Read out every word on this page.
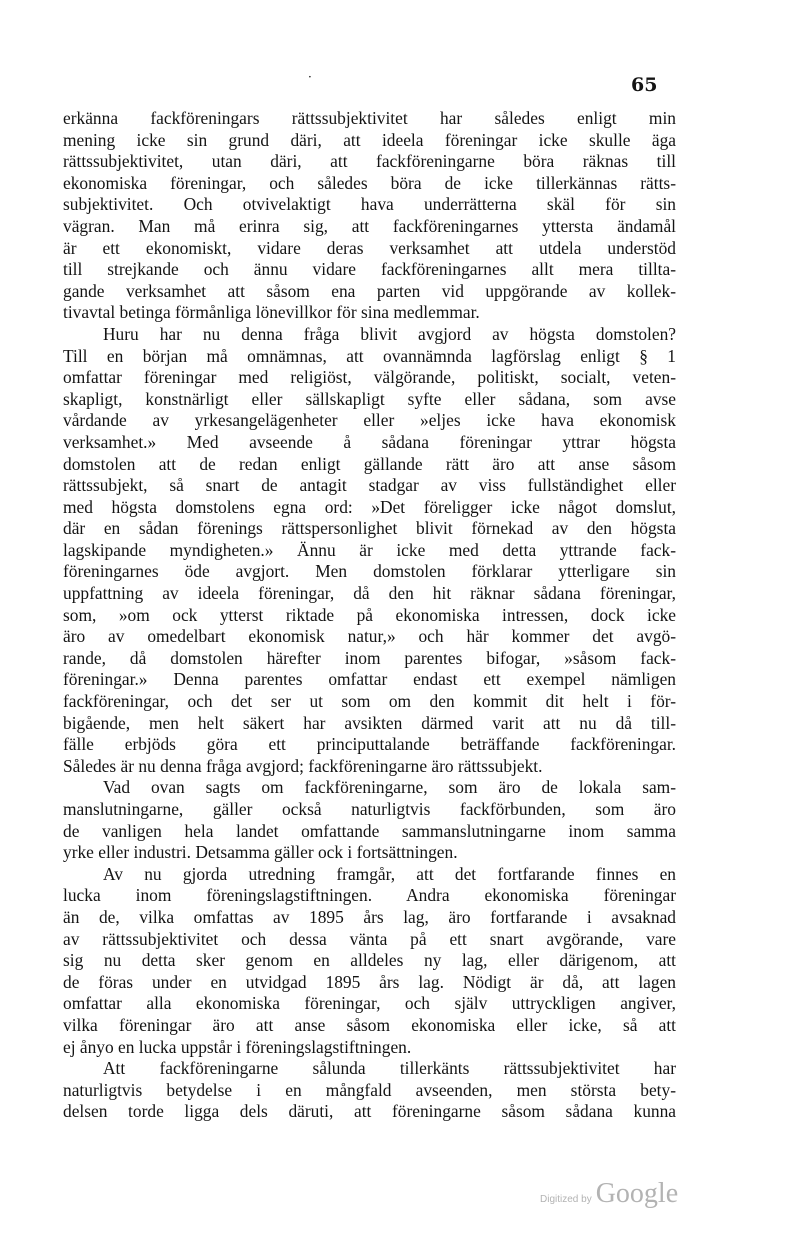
·	65
erkänna fackföreningars rättssubjektivitet har således enligt min
mening icke sin grund däri, att ideela föreningar icke skulle äga
rättssubjektivitet, utan däri, att fackföreningarne böra räknas till
ekonomiska föreningar, och således böra de icke tillerkännas rätts-
subjektivitet. Och otvivelaktigt hava underrätterna skäl för sin
vägran. Man må erinra sig, att fackföreningarnes yttersta ändamål
är ett ekonomiskt, vidare deras verksamhet att utdela understöd
till strejkande och ännu vidare fackföreningarnes allt mera tillta-
gande verksamhet att såsom ena parten vid uppgörande av kollek-
tivavtal betinga förmånliga lönevillkor för sina medlemmar.
Huru har nu denna fråga blivit avgjord av högsta domstolen?
Till en början må omnämnas, att ovannämnda lagförslag enligt § 1
omfattar föreningar med religiöst, välgörande, politiskt, socialt, veten-
skapligt, konstnärligt eller sällskapligt syfte eller sådana, som avse
vårdande av yrkesangelägenheter eller »eljes icke hava ekonomisk
verksamhet.» Med avseende å sådana föreningar yttrar högsta
domstolen att de redan enligt gällande rätt äro att anse såsom
rättssubjekt, så snart de antagit stadgar av viss fullständighet eller
med högsta domstolens egna ord: »Det föreligger icke något domslut,
där en sådan förenings rättspersonlighet blivit förnekad av den högsta
lagskipande myndigheten.» Ännu är icke med detta yttrande fack-
föreningarnes öde avgjort. Men domstolen förklarar ytterligare sin
uppfattning av ideela föreningar, då den hit räknar sådana föreningar,
som, »om ock ytterst riktade på ekonomiska intressen, dock icke
äro av omedelbart ekonomisk natur,» och här kommer det avgö-
rande, då domstolen härefter inom parentes bifogar, »såsom fack-
föreningar.» Denna parentes omfattar endast ett exempel nämligen
fackföreningar, och det ser ut som om den kommit dit helt i för-
bigående, men helt säkert har avsikten därmed varit att nu då till-
fälle erbjöds göra ett principuttalande beträffande fackföreningar.
Således är nu denna fråga avgjord; fackföreningarne äro rättssubjekt.
Vad ovan sagts om fackföreningarne, som äro de lokala sam-
manslutningarne, gäller också naturligtvis fackförbunden, som äro
de vanligen hela landet omfattande sammanslutningarne inom samma
yrke eller industri. Detsamma gäller ock i fortsättningen.
Av nu gjorda utredning framgår, att det fortfarande finnes en
lucka inom föreningslagstiftningen. Andra ekonomiska föreningar
än de, vilka omfattas av 1895 års lag, äro fortfarande i avsaknad
av rättssubjektivitet och dessa vänta på ett snart avgörande, vare
sig nu detta sker genom en alldeles ny lag, eller därigenom, att
de föras under en utvidgad 1895 års lag. Nödigt är då, att lagen
omfattar alla ekonomiska föreningar, och själv uttryckligen angiver,
vilka föreningar äro att anse såsom ekonomiska eller icke, så att
ej ånyo en lucka uppstår i föreningslagstiftningen.
Att fackföreningarne sålunda tillerkänts rättssubjektivitet har
naturligtvis betydelse i en mångfald avseenden, men största bety-
delsen torde ligga dels däruti, att föreningarne såsom sådana kunna
Digitized by Google
